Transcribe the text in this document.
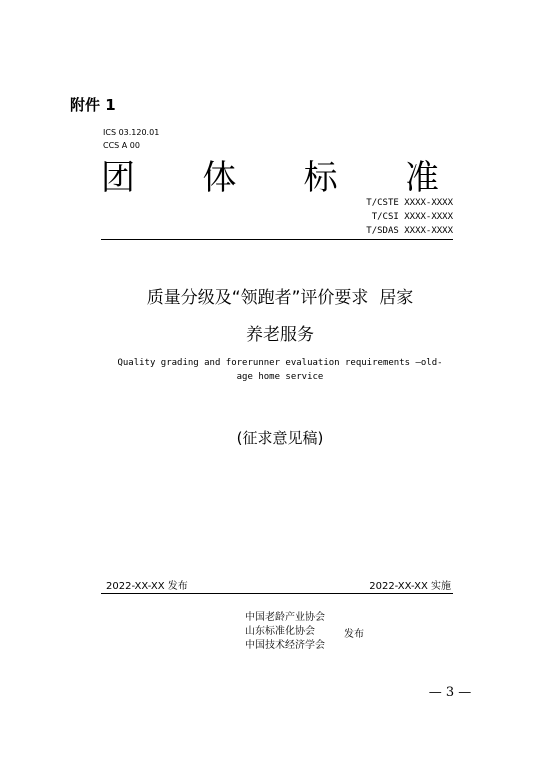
附件 1
ICS 03.120.01
CCS A 00
团 体 标 准
T/CSTE XXXX-XXXX
T/CSI XXXX-XXXX
T/SDAS XXXX-XXXX
质量分级及“领跑者”评价要求  居家
养老服务
Quality grading and forerunner evaluation requirements —old-age home service
(征求意见稿)
2022-XX-XX 发布	2022-XX-XX 实施
中国老龄产业协会
山东标准化协会
中国技术经济学会
发布
— 3 —
